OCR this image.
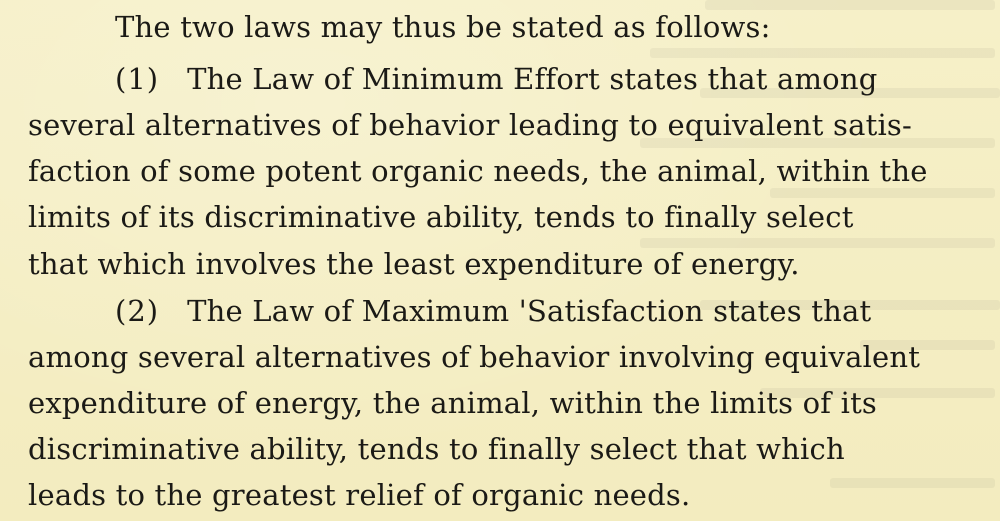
The two laws may thus be stated as follows:
(1) The Law of Minimum Effort states that among
several alternatives of behavior leading to equivalent satis-
faction of some potent organic needs, the animal, within the
limits of its discriminative ability, tends to finally select
that which involves the least expenditure of energy.
(2) The Law of Maximum 'Satisfaction states that
among several alternatives of behavior involving equivalent
expenditure of energy, the animal, within the limits of its
discriminative ability, tends to finally select that which
leads to the greatest relief of organic needs.
